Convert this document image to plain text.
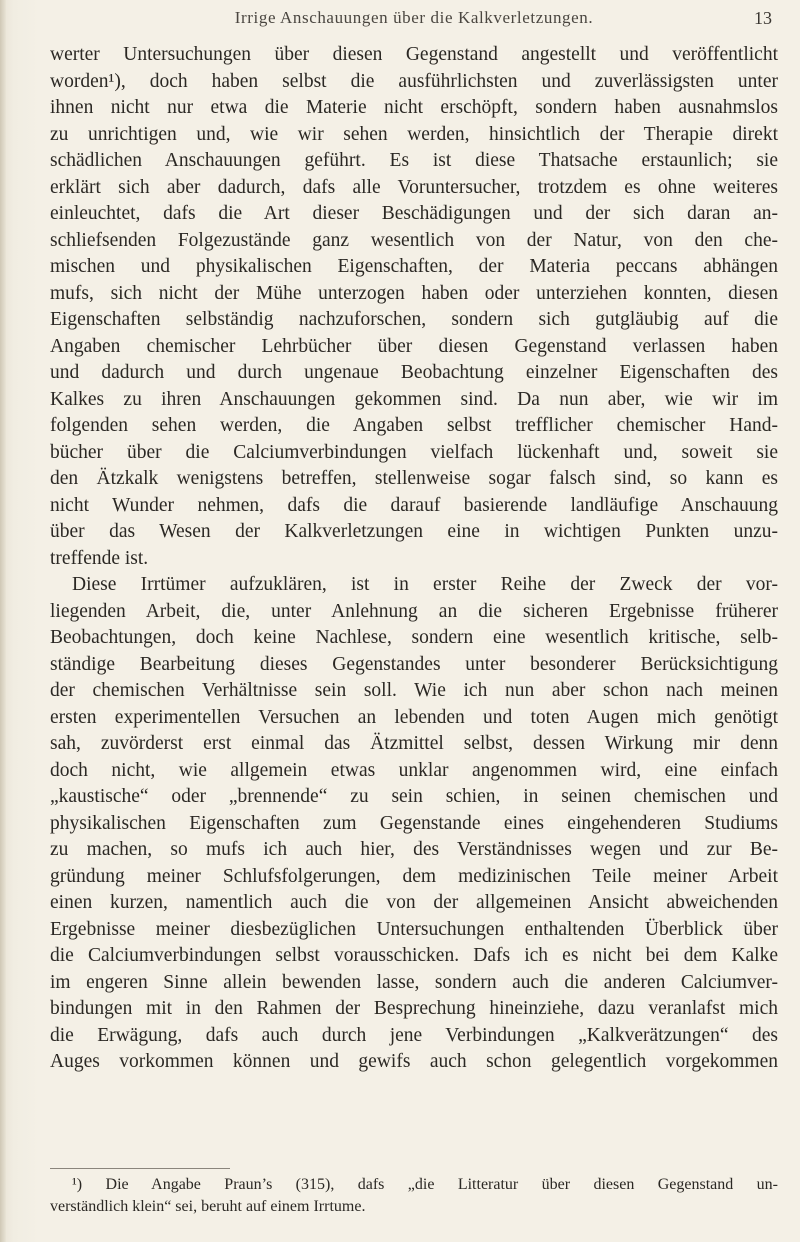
Irrige Anschauungen über die Kalkverletzungen.	13
werter Untersuchungen über diesen Gegenstand angestellt und veröffentlicht
worden¹), doch haben selbst die ausführlichsten und zuverlässigsten unter
ihnen nicht nur etwa die Materie nicht erschöpft, sondern haben ausnahmslos
zu unrichtigen und, wie wir sehen werden, hinsichtlich der Therapie direkt
schädlichen Anschauungen geführt. Es ist diese Thatsache erstaunlich; sie
erklärt sich aber dadurch, dafs alle Voruntersucher, trotzdem es ohne weiteres
einleuchtet, dafs die Art dieser Beschädigungen und der sich daran an-
schliefsenden Folgezustände ganz wesentlich von der Natur, von den che-
mischen und physikalischen Eigenschaften, der Materia peccans abhängen
mufs, sich nicht der Mühe unterzogen haben oder unterziehen konnten, diesen
Eigenschaften selbständig nachzuforschen, sondern sich gutgläubig auf die
Angaben chemischer Lehrbücher über diesen Gegenstand verlassen haben
und dadurch und durch ungenaue Beobachtung einzelner Eigenschaften des
Kalkes zu ihren Anschauungen gekommen sind. Da nun aber, wie wir im
folgenden sehen werden, die Angaben selbst trefflicher chemischer Hand-
bücher über die Calciumverbindungen vielfach lückenhaft und, soweit sie
den Ätzkalk wenigstens betreffen, stellenweise sogar falsch sind, so kann es
nicht Wunder nehmen, dafs die darauf basierende landläufige Anschauung
über das Wesen der Kalkverletzungen eine in wichtigen Punkten unzu-
treffende ist.
Diese Irrtümer aufzuklären, ist in erster Reihe der Zweck der vor-
liegenden Arbeit, die, unter Anlehnung an die sicheren Ergebnisse früherer
Beobachtungen, doch keine Nachlese, sondern eine wesentlich kritische, selb-
ständige Bearbeitung dieses Gegenstandes unter besonderer Berücksichtigung
der chemischen Verhältnisse sein soll. Wie ich nun aber schon nach meinen
ersten experimentellen Versuchen an lebenden und toten Augen mich genötigt
sah, zuvörderst erst einmal das Ätzmittel selbst, dessen Wirkung mir denn
doch nicht, wie allgemein etwas unklar angenommen wird, eine einfach
„kaustische“ oder „brennende“ zu sein schien, in seinen chemischen und
physikalischen Eigenschaften zum Gegenstande eines eingehenderen Studiums
zu machen, so mufs ich auch hier, des Verständnisses wegen und zur Be-
gründung meiner Schlufsfolgerungen, dem medizinischen Teile meiner Arbeit
einen kurzen, namentlich auch die von der allgemeinen Ansicht abweichenden
Ergebnisse meiner diesbezüglichen Untersuchungen enthaltenden Überblick über
die Calciumverbindungen selbst vorausschicken. Dafs ich es nicht bei dem Kalke
im engeren Sinne allein bewenden lasse, sondern auch die anderen Calciumver-
bindungen mit in den Rahmen der Besprechung hineinziehe, dazu veranlafst mich
die Erwägung, dafs auch durch jene Verbindungen „Kalkverätzungen“ des
Auges vorkommen können und gewifs auch schon gelegentlich vorgekommen
¹) Die Angabe Praun’s (315), dafs „die Litteratur über diesen Gegenstand un-
verständlich klein“ sei, beruht auf einem Irrtume.
